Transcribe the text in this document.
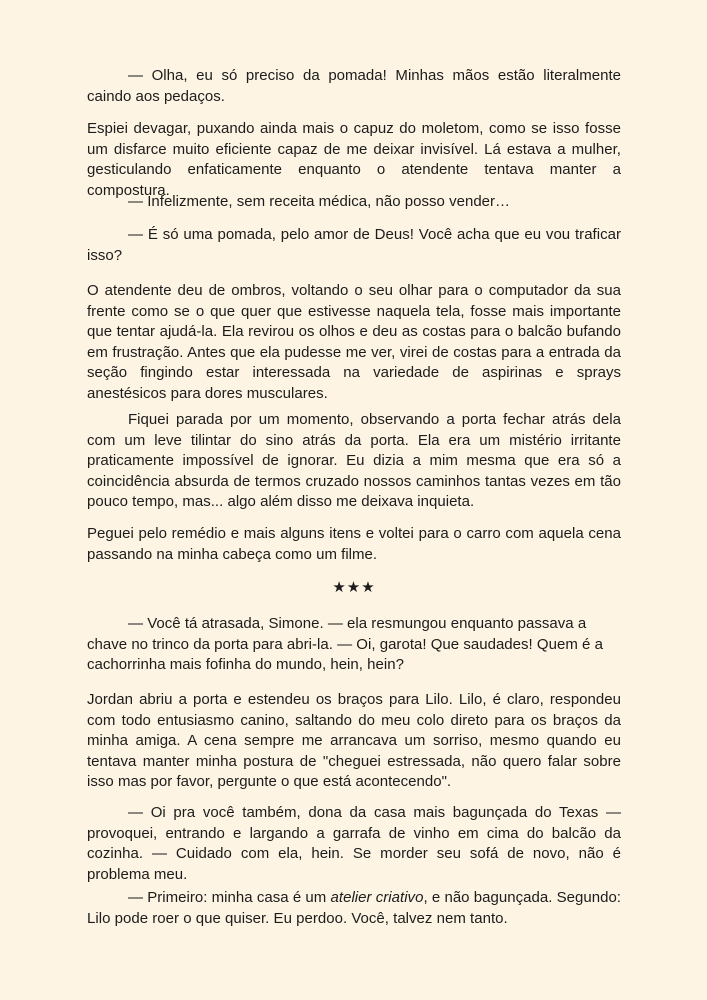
— Olha, eu só preciso da pomada! Minhas mãos estão literalmente caindo aos pedaços.

Espiei devagar, puxando ainda mais o capuz do moletom, como se isso fosse um disfarce muito eficiente capaz de me deixar invisível. Lá estava a mulher, gesticulando enfaticamente enquanto o atendente tentava manter a compostura.

— Infelizmente, sem receita médica, não posso vender…

— É só uma pomada, pelo amor de Deus! Você acha que eu vou traficar isso?

O atendente deu de ombros, voltando o seu olhar para o computador da sua frente como se o que quer que estivesse naquela tela, fosse mais importante que tentar ajudá-la. Ela revirou os olhos e deu as costas para o balcão bufando em frustração. Antes que ela pudesse me ver, virei de costas para a entrada da seção fingindo estar interessada na variedade de aspirinas e sprays anestésicos para dores musculares.

Fiquei parada por um momento, observando a porta fechar atrás dela com um leve tilintar do sino atrás da porta. Ela era um mistério irritante praticamente impossível de ignorar. Eu dizia a mim mesma que era só a coincidência absurda de termos cruzado nossos caminhos tantas vezes em tão pouco tempo, mas... algo além disso me deixava inquieta.

Peguei pelo remédio e mais alguns itens e voltei para o carro com aquela cena passando na minha cabeça como um filme.

★★★

— Você tá atrasada, Simone. — ela resmungou enquanto passava a chave no trinco da porta para abri-la. — Oi, garota! Que saudades! Quem é a cachorrinha mais fofinha do mundo, hein, hein?

Jordan abriu a porta e estendeu os braços para Lilo. Lilo, é claro, respondeu com todo entusiasmo canino, saltando do meu colo direto para os braços da minha amiga. A cena sempre me arrancava um sorriso, mesmo quando eu tentava manter minha postura de "cheguei estressada, não quero falar sobre isso mas por favor, pergunte o que está acontecendo".

— Oi pra você também, dona da casa mais bagunçada do Texas — provoquei, entrando e largando a garrafa de vinho em cima do balcão da cozinha. — Cuidado com ela, hein. Se morder seu sofá de novo, não é problema meu.

— Primeiro: minha casa é um atelier criativo, e não bagunçada. Segundo: Lilo pode roer o que quiser. Eu perdoo. Você, talvez nem tanto.
